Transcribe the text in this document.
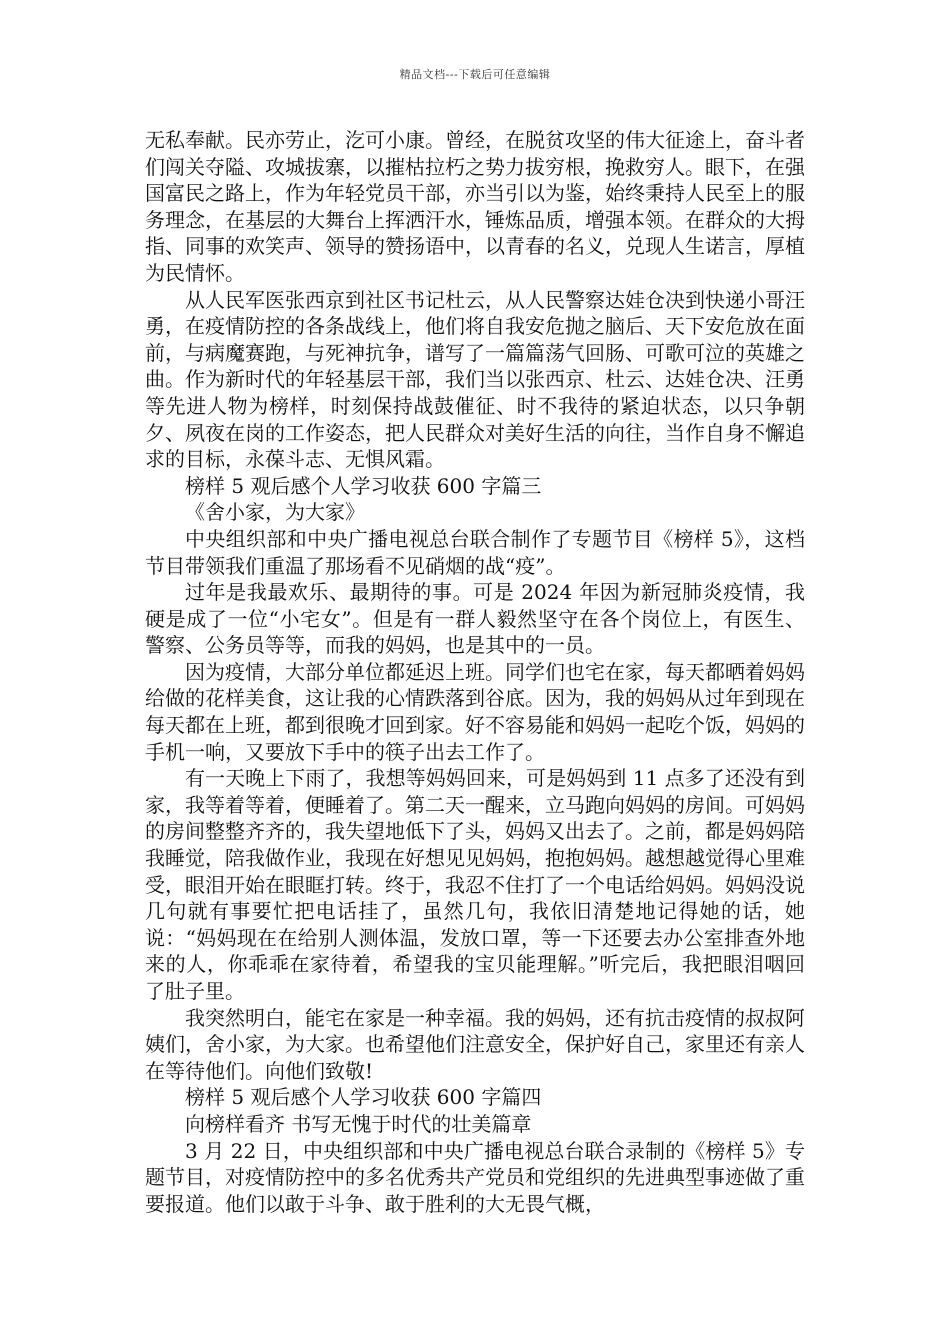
精品文档---下载后可任意编辑

无私奉献。民亦劳止，汔可小康。曾经，在脱贫攻坚的伟大征途上，奋斗者们闯关夺隘、攻城拔寨，以摧枯拉朽之势力拔穷根，挽救穷人。眼下，在强国富民之路上，作为年轻党员干部，亦当引以为鉴，始终秉持人民至上的服务理念，在基层的大舞台上挥洒汗水，锤炼品质，增强本领。在群众的大拇指、同事的欢笑声、领导的赞扬语中，以青春的名义，兑现人生诺言，厚植为民情怀。

从人民军医张西京到社区书记杜云，从人民警察达娃仓决到快递小哥汪勇，在疫情防控的各条战线上，他们将自我安危抛之脑后、天下安危放在面前，与病魔赛跑，与死神抗争，谱写了一篇篇荡气回肠、可歌可泣的英雄之曲。作为新时代的年轻基层干部，我们当以张西京、杜云、达娃仓决、汪勇等先进人物为榜样，时刻保持战鼓催征、时不我待的紧迫状态，以只争朝夕、夙夜在岗的工作姿态，把人民群众对美好生活的向往，当作自身不懈追求的目标，永葆斗志、无惧风霜。

榜样 5 观后感个人学习收获 600 字篇三

《舍小家，为大家》

中央组织部和中央广播电视总台联合制作了专题节目《榜样 5》，这档节目带领我们重温了那场看不见硝烟的战“疫”。

过年是我最欢乐、最期待的事。可是 2024 年因为新冠肺炎疫情，我硬是成了一位“小宅女”。但是有一群人毅然坚守在各个岗位上，有医生、警察、公务员等等，而我的妈妈，也是其中的一员。

因为疫情，大部分单位都延迟上班。同学们也宅在家，每天都晒着妈妈给做的花样美食，这让我的心情跌落到谷底。因为，我的妈妈从过年到现在每天都在上班，都到很晚才回到家。好不容易能和妈妈一起吃个饭，妈妈的手机一响，又要放下手中的筷子出去工作了。

有一天晚上下雨了，我想等妈妈回来，可是妈妈到 11 点多了还没有到家，我等着等着，便睡着了。第二天一醒来，立马跑向妈妈的房间。可妈妈的房间整整齐齐的，我失望地低下了头，妈妈又出去了。之前，都是妈妈陪我睡觉，陪我做作业，我现在好想见见妈妈，抱抱妈妈。越想越觉得心里难受，眼泪开始在眼眶打转。终于，我忍不住打了一个电话给妈妈。妈妈没说几句就有事要忙把电话挂了，虽然几句，我依旧清楚地记得她的话，她说：“妈妈现在在给别人测体温，发放口罩，等一下还要去办公室排查外地来的人，你乖乖在家待着，希望我的宝贝能理解。”听完后，我把眼泪咽回了肚子里。

我突然明白，能宅在家是一种幸福。我的妈妈，还有抗击疫情的叔叔阿姨们，舍小家，为大家。也希望他们注意安全，保护好自己，家里还有亲人在等待他们。向他们致敬!

榜样 5 观后感个人学习收获 600 字篇四

向榜样看齐 书写无愧于时代的壮美篇章

3 月 22 日，中央组织部和中央广播电视总台联合录制的《榜样 5》专题节目，对疫情防控中的多名优秀共产党员和党组织的先进典型事迹做了重要报道。他们以敢于斗争、敢于胜利的大无畏气概，
